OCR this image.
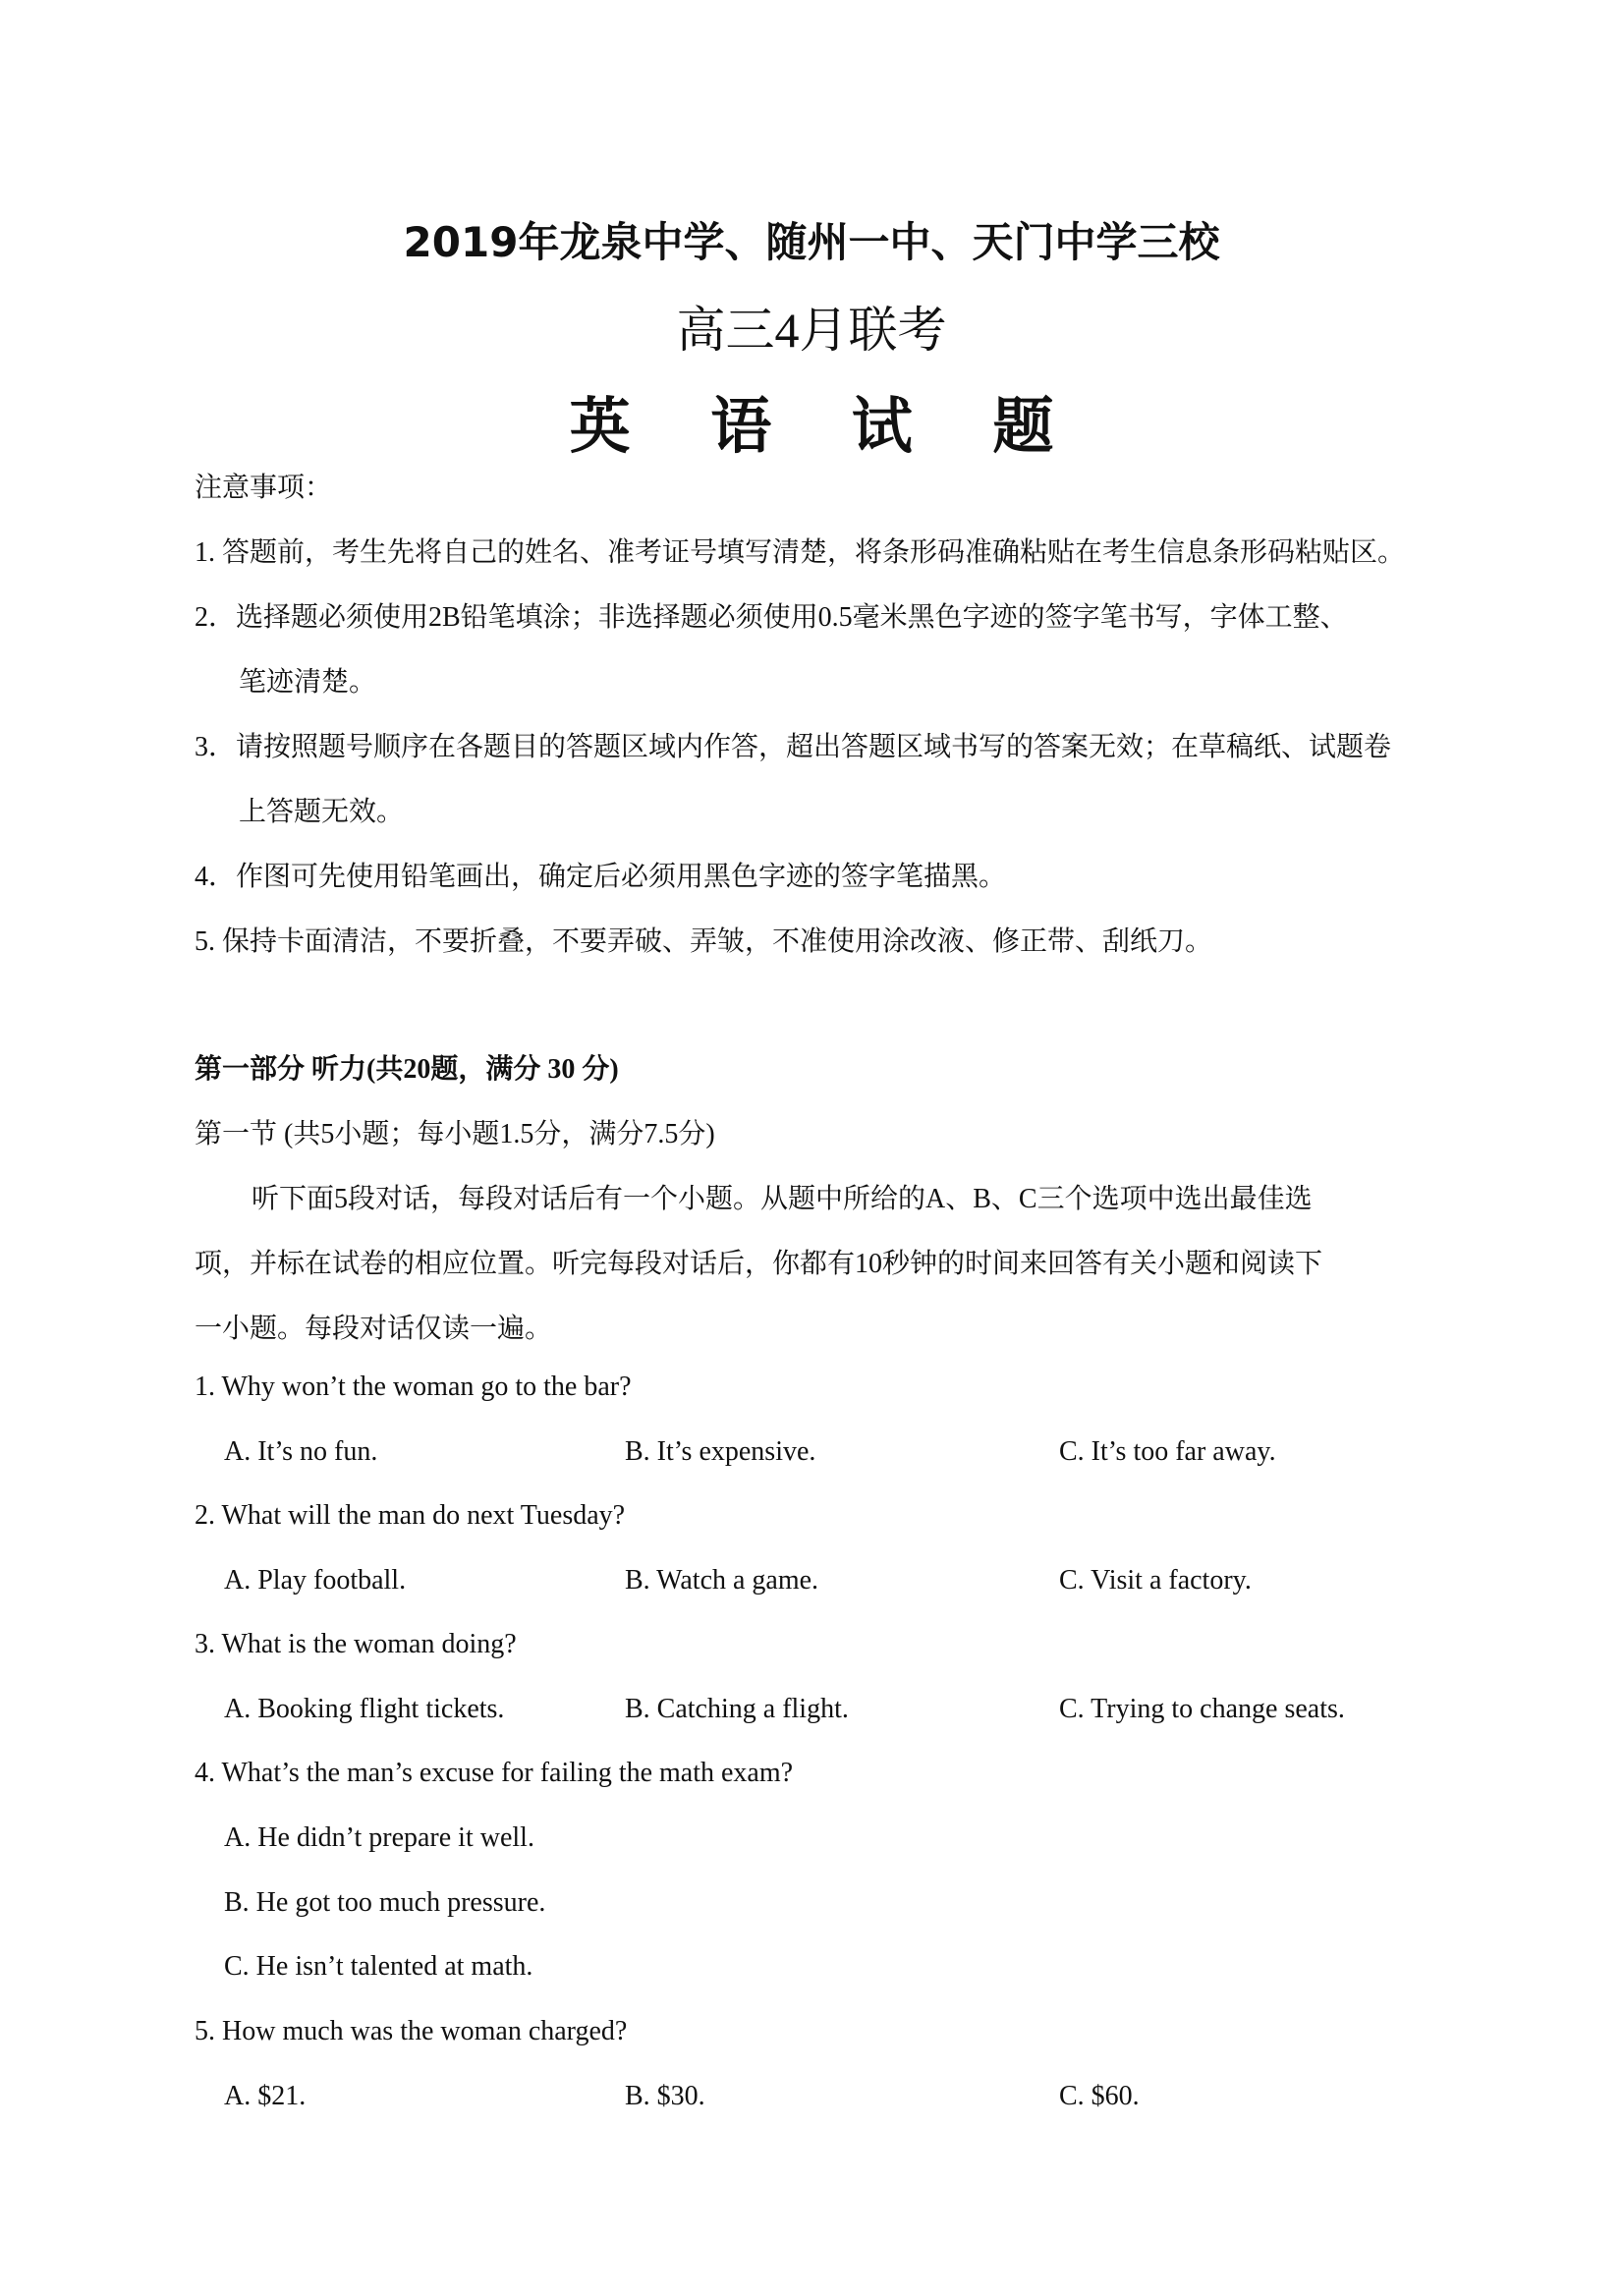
2019年龙泉中学、随州一中、天门中学三校
高三4月联考
英 语 试 题
注意事项：
1. 答题前，考生先将自己的姓名、准考证号填写清楚，将条形码准确粘贴在考生信息条形码粘贴区。
2．选择题必须使用2B铅笔填涂；非选择题必须使用0.5毫米黑色字迹的签字笔书写，字体工整、
笔迹清楚。
3．请按照题号顺序在各题目的答题区域内作答，超出答题区域书写的答案无效；在草稿纸、试题卷
上答题无效。
4．作图可先使用铅笔画出，确定后必须用黑色字迹的签字笔描黑。
5. 保持卡面清洁，不要折叠，不要弄破、弄皱，不准使用涂改液、修正带、刮纸刀。
第一部分 听力(共20题，满分 30 分)
第一节 (共5小题；每小题1.5分，满分7.5分)
听下面5段对话，每段对话后有一个小题。从题中所给的A、B、C三个选项中选出最佳选
项，并标在试卷的相应位置。听完每段对话后，你都有10秒钟的时间来回答有关小题和阅读下
一小题。每段对话仅读一遍。
1. Why won’t the woman go to the bar?
A. It’s no fun.	B. It’s expensive.	C. It’s too far away.
2. What will the man do next Tuesday?
A. Play football.	B. Watch a game.	C. Visit a factory.
3. What is the woman doing?
A. Booking flight tickets.	B. Catching a flight.	C. Trying to change seats.
4. What’s the man’s excuse for failing the math exam?
A. He didn’t prepare it well.
B. He got too much pressure.
C. He isn’t talented at math.
5. How much was the woman charged?
A. $21.	B. $30.	C. $60.
